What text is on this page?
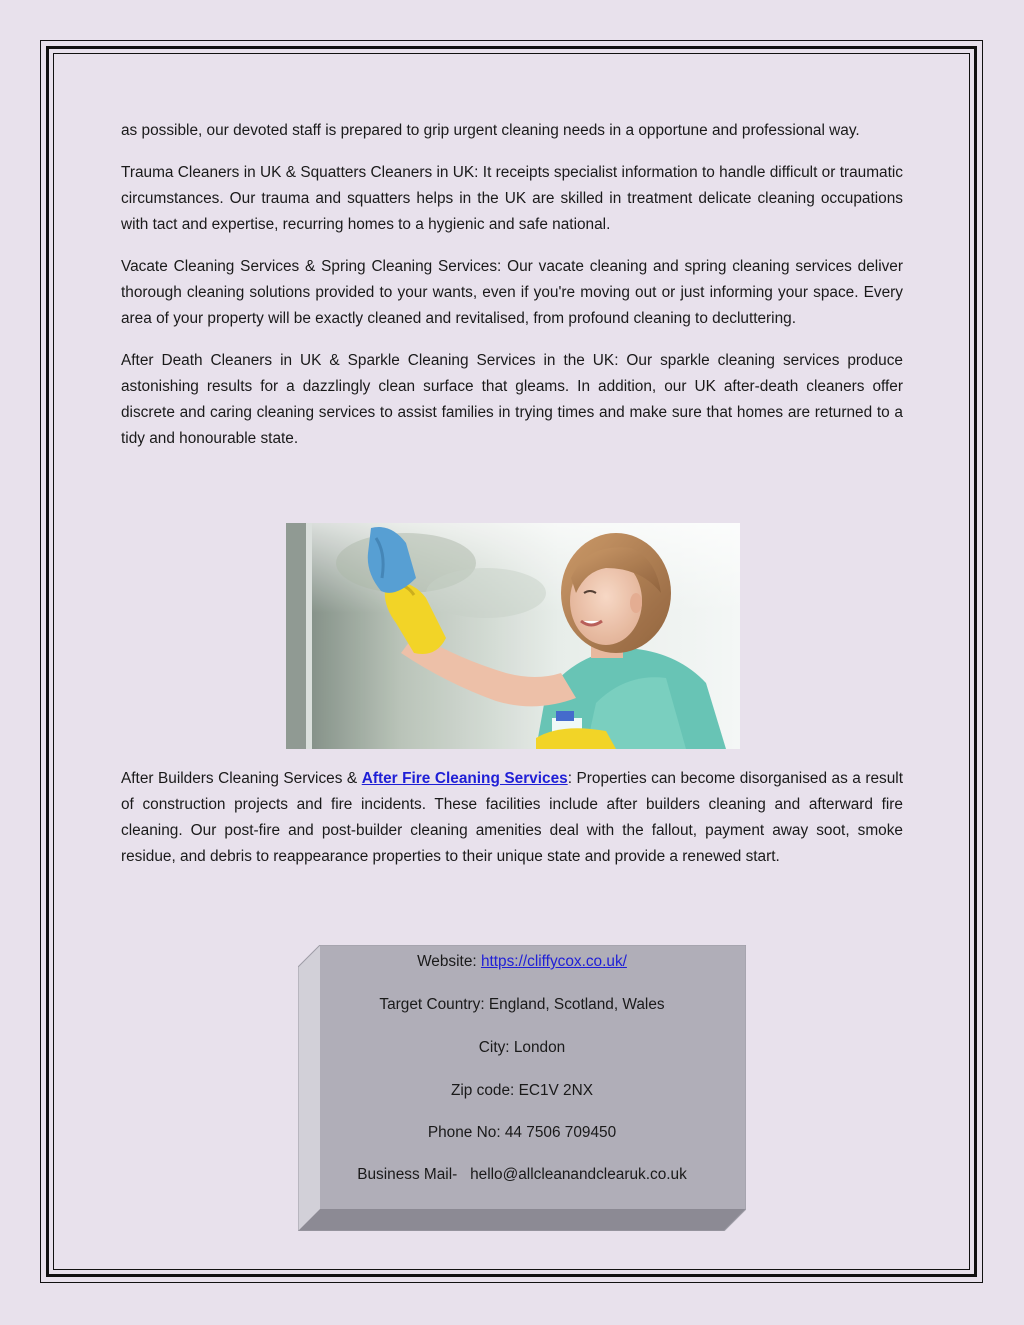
as possible, our devoted staff is prepared to grip urgent cleaning needs in a opportune and professional way.

Trauma Cleaners in UK & Squatters Cleaners in UK: It receipts specialist information to handle difficult or traumatic circumstances. Our trauma and squatters helps in the UK are skilled in treatment delicate cleaning occupations with tact and expertise, recurring homes to a hygienic and safe national.

Vacate Cleaning Services & Spring Cleaning Services: Our vacate cleaning and spring cleaning services deliver thorough cleaning solutions provided to your wants, even if you're moving out or just informing your space. Every area of your property will be exactly cleaned and revitalised, from profound cleaning to decluttering.

After Death Cleaners in UK & Sparkle Cleaning Services in the UK: Our sparkle cleaning services produce astonishing results for a dazzlingly clean surface that gleams. In addition, our UK after-death cleaners offer discrete and caring cleaning services to assist families in trying times and make sure that homes are returned to a tidy and honourable state.

After Builders Cleaning Services & After Fire Cleaning Services: Properties can become disorganised as a result of construction projects and fire incidents. These facilities include after builders cleaning and afterward fire cleaning. Our post-fire and post-builder cleaning amenities deal with the fallout, payment away soot, smoke residue, and debris to reappearance properties to their unique state and provide a renewed start.

Website: https://cliffycox.co.uk/
Target Country: England, Scotland, Wales
City: London
Zip code: EC1V 2NX
Phone No: 44 7506 709450
Business Mail-   hello@allcleanandclearuk.co.uk
